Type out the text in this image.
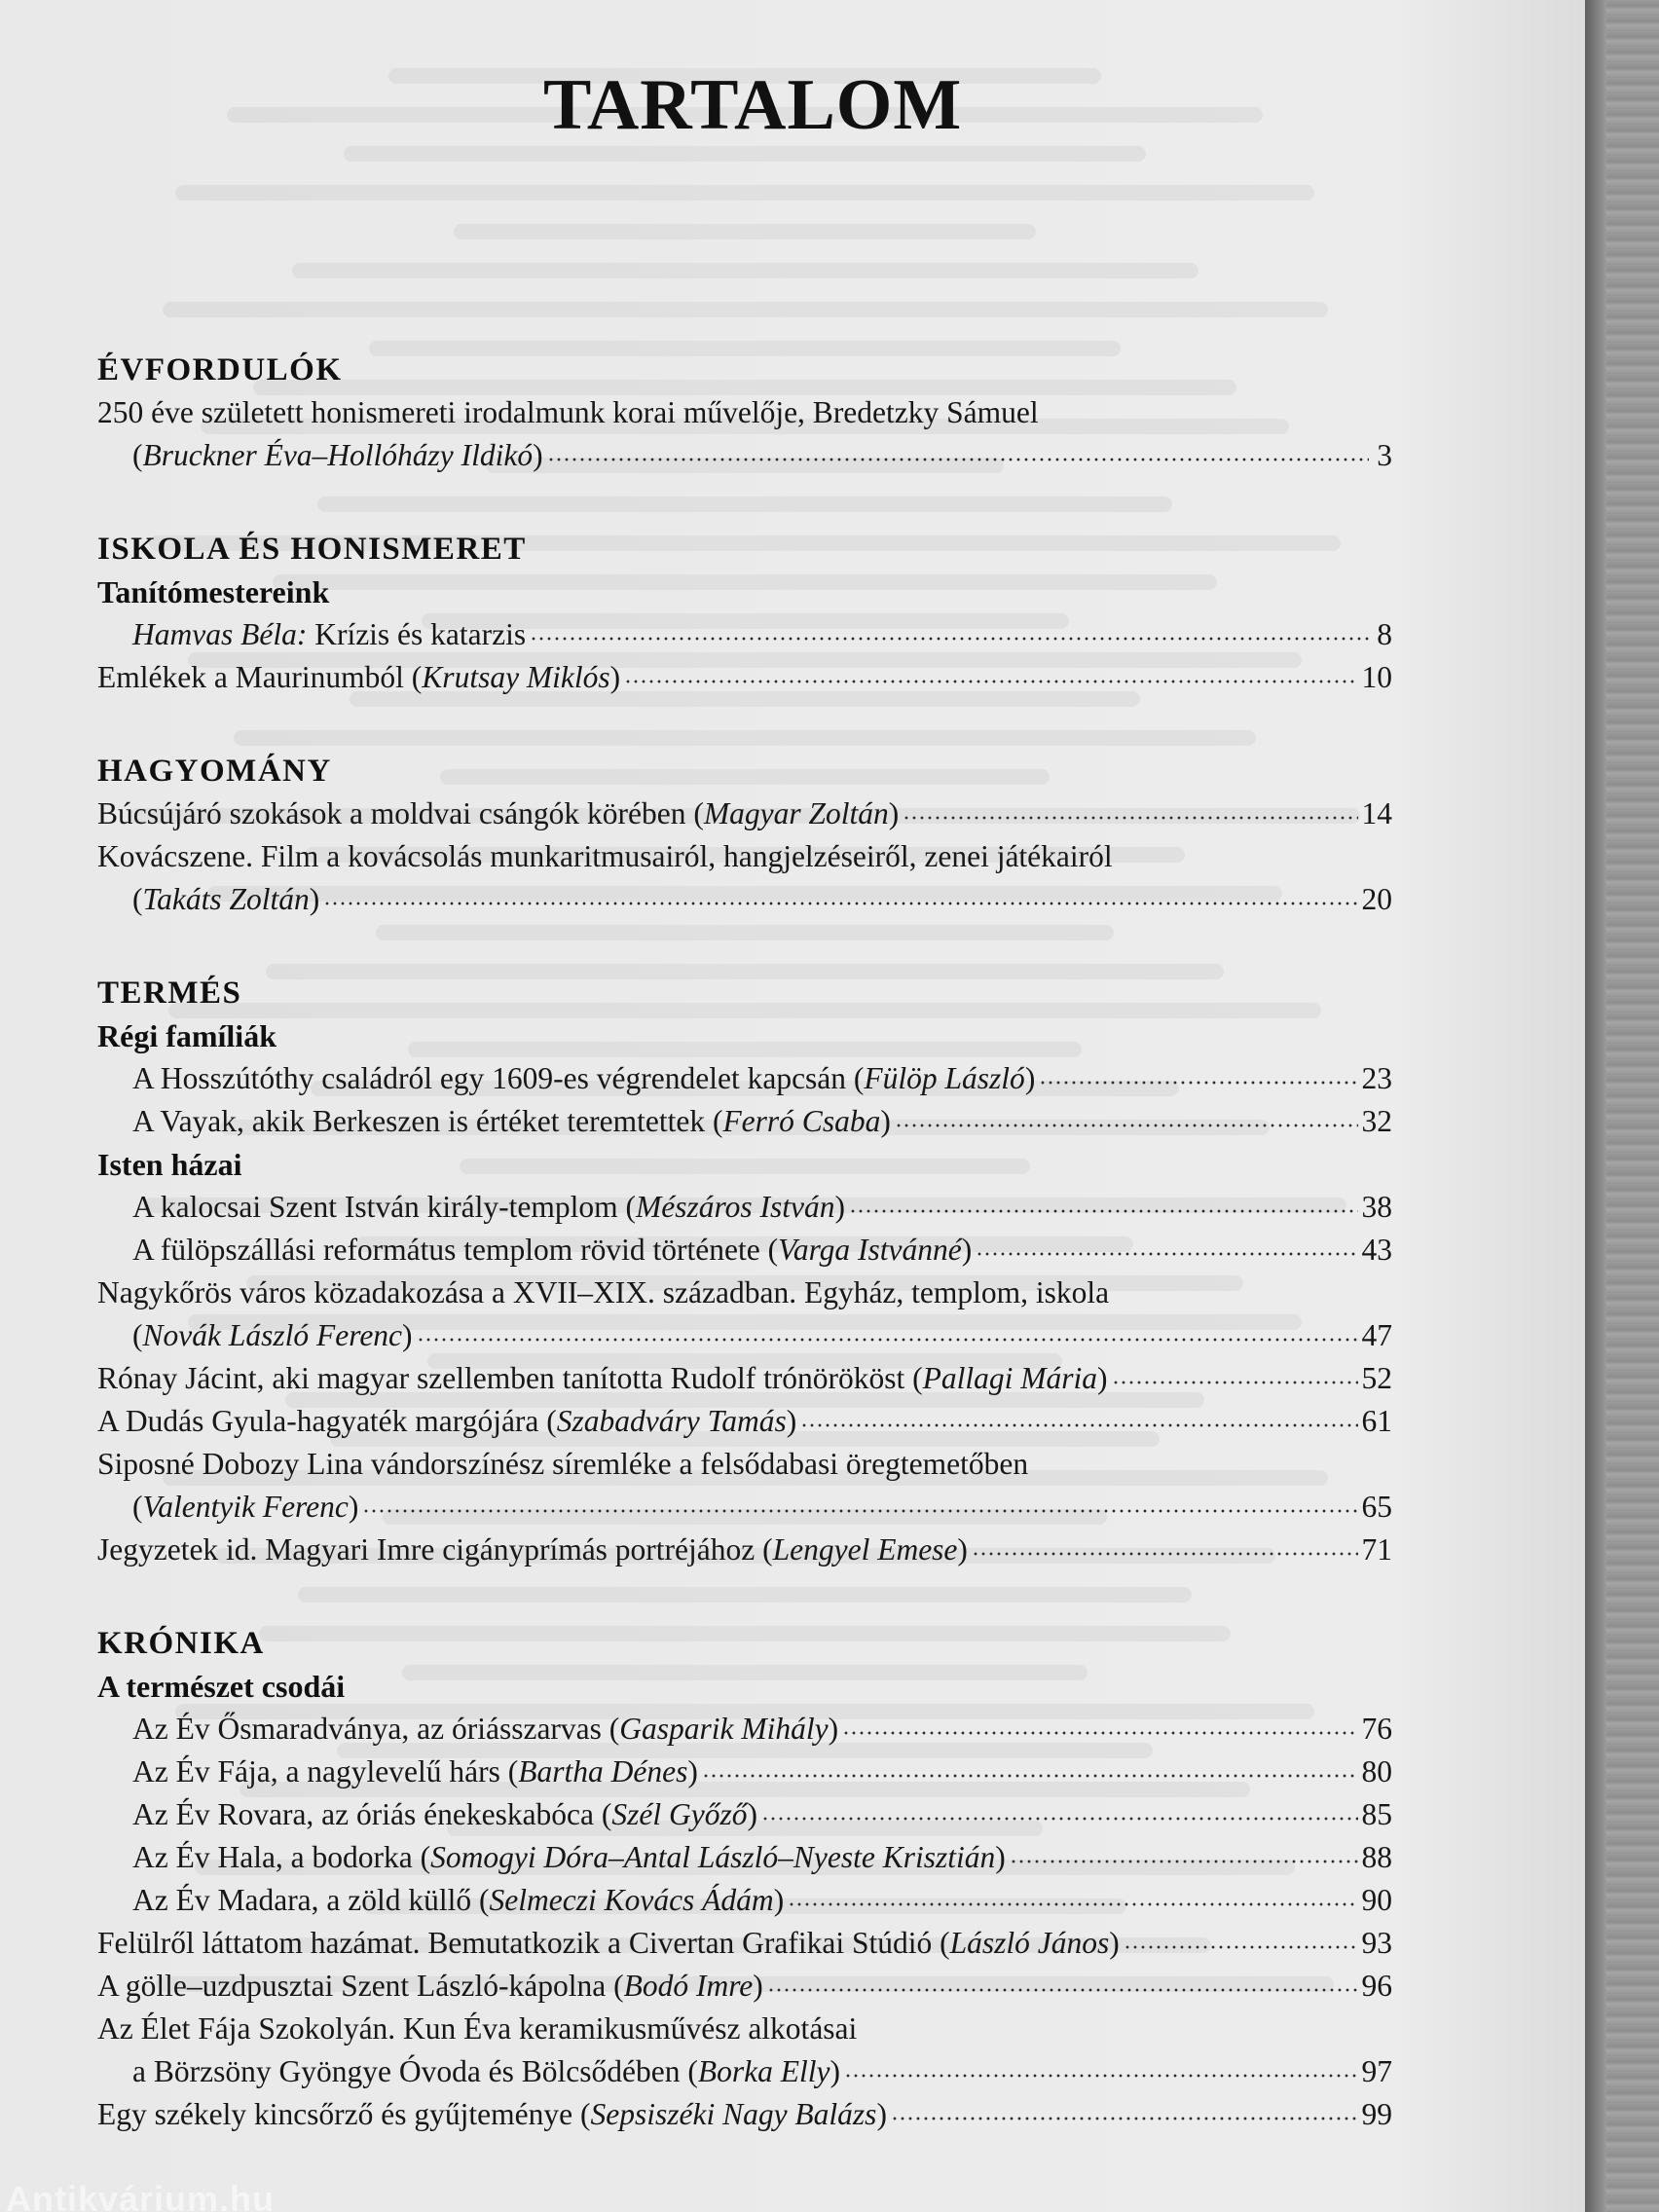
TARTALOM
ÉVFORDULÓK
250 éve született honismereti irodalmunk korai művelője, Bredetzky Sámuel
(Bruckner Éva–Hollóházy Ildikó)	3
ISKOLA ÉS HONISMERET
Tanítómestereink
Hamvas Béla: Krízis és katarzis	8
Emlékek a Maurinumból (Krutsay Miklós)	10
HAGYOMÁNY
Búcsújáró szokások a moldvai csángók körében (Magyar Zoltán)	14
Kovácszene. Film a kovácsolás munkaritmusairól, hangjelzéseiről, zenei játékairól
(Takáts Zoltán)	20
TERMÉS
Régi famíliák
A Hosszútóthy családról egy 1609-es végrendelet kapcsán (Fülöp László)	23
A Vayak, akik Berkeszen is értéket teremtettek (Ferró Csaba)	32
Isten házai
A kalocsai Szent István király-templom (Mészáros István)	38
A fülöpszállási református templom rövid története (Varga Istvánné)	43
Nagykőrös város közadakozása a XVII–XIX. században. Egyház, templom, iskola
(Novák László Ferenc)	47
Rónay Jácint, aki magyar szellemben tanította Rudolf trónörököst (Pallagi Mária)	52
A Dudás Gyula-hagyaték margójára (Szabadváry Tamás)	61
Siposné Dobozy Lina vándorszínész síremléke a felsődabasi öregtemetőben
(Valentyik Ferenc)	65
Jegyzetek id. Magyari Imre cigányprímás portréjához (Lengyel Emese)	71
KRÓNIKA
A természet csodái
Az Év Ősmaradványa, az óriásszarvas (Gasparik Mihály)	76
Az Év Fája, a nagylevelű hárs (Bartha Dénes)	80
Az Év Rovara, az óriás énekeskabóca (Szél Győző)	85
Az Év Hala, a bodorka (Somogyi Dóra–Antal László–Nyeste Krisztián)	88
Az Év Madara, a zöld küllő (Selmeczi Kovács Ádám)	90
Felülről láttatom hazámat. Bemutatkozik a Civertan Grafikai Stúdió (László János)	93
A gölle–uzdpusztai Szent László-kápolna (Bodó Imre)	96
Az Élet Fája Szokolyán. Kun Éva keramikusművész alkotásai
a Börzsöny Gyöngye Óvoda és Bölcsődében (Borka Elly)	97
Egy székely kincsőrző és gyűjteménye (Sepsiszéki Nagy Balázs)	99
Antikvárium.hu
